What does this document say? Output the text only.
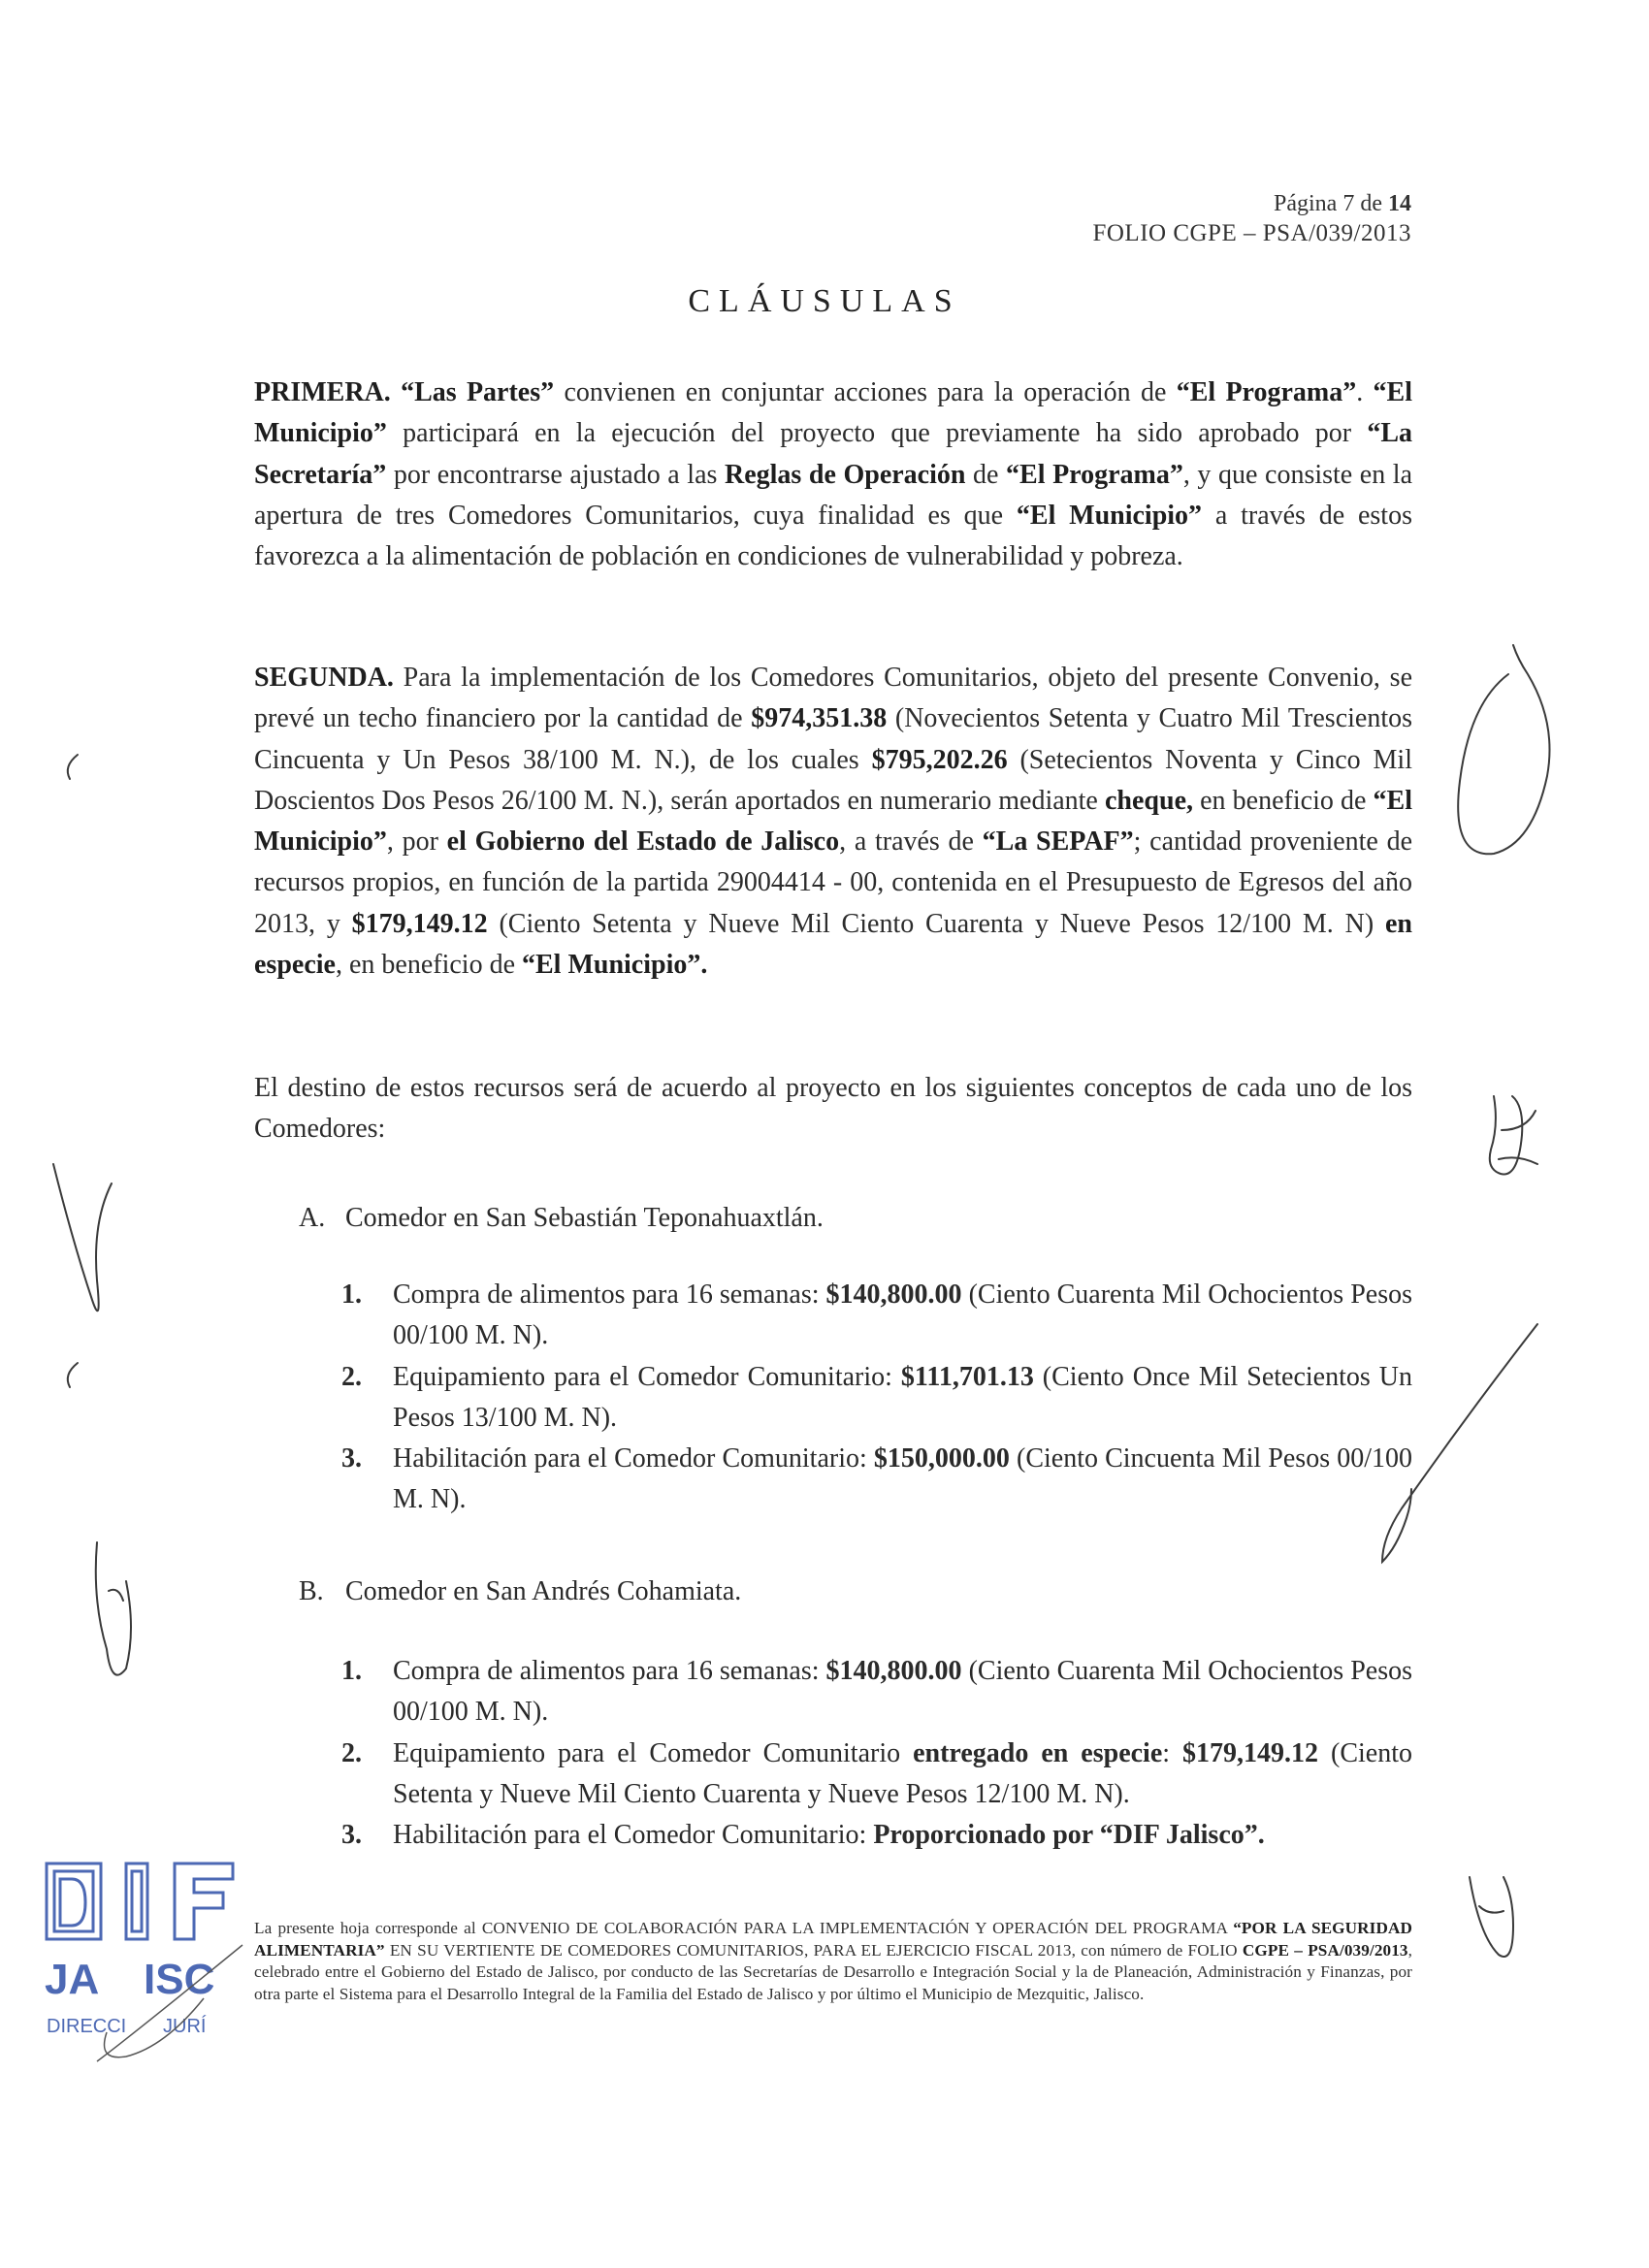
Página 7 de 14
FOLIO CGPE – PSA/039/2013
CLÁUSULAS
PRIMERA. “Las Partes” convienen en conjuntar acciones para la operación de “El Programa”. “El Municipio” participará en la ejecución del proyecto que previamente ha sido aprobado por “La Secretaría” por encontrarse ajustado a las Reglas de Operación de “El Programa”, y que consiste en la apertura de tres Comedores Comunitarios, cuya finalidad es que “El Municipio” a través de estos favorezca a la alimentación de población en condiciones de vulnerabilidad y pobreza.
SEGUNDA. Para la implementación de los Comedores Comunitarios, objeto del presente Convenio, se prevé un techo financiero por la cantidad de $974,351.38 (Novecientos Setenta y Cuatro Mil Trescientos Cincuenta y Un Pesos 38/100 M. N.), de los cuales $795,202.26 (Setecientos Noventa y Cinco Mil Doscientos Dos Pesos 26/100 M. N.), serán aportados en numerario mediante cheque, en beneficio de “El Municipio”, por el Gobierno del Estado de Jalisco, a través de “La SEPAF”; cantidad proveniente de recursos propios, en función de la partida 29004414 - 00, contenida en el Presupuesto de Egresos del año 2013, y $179,149.12 (Ciento Setenta y Nueve Mil Ciento Cuarenta y Nueve Pesos 12/100 M. N) en especie, en beneficio de “El Municipio”.
El destino de estos recursos será de acuerdo al proyecto en los siguientes conceptos de cada uno de los Comedores:
A. Comedor en San Sebastián Teponahuaxtlán.
1. Compra de alimentos para 16 semanas: $140,800.00 (Ciento Cuarenta Mil Ochocientos Pesos 00/100 M. N).
2. Equipamiento para el Comedor Comunitario: $111,701.13 (Ciento Once Mil Setecientos Un Pesos 13/100 M. N).
3. Habilitación para el Comedor Comunitario: $150,000.00 (Ciento Cincuenta Mil Pesos 00/100 M. N).
B. Comedor en San Andrés Cohamiata.
1. Compra de alimentos para 16 semanas: $140,800.00 (Ciento Cuarenta Mil Ochocientos Pesos 00/100 M. N).
2. Equipamiento para el Comedor Comunitario entregado en especie: $179,149.12 (Ciento Setenta y Nueve Mil Ciento Cuarenta y Nueve Pesos 12/100 M. N).
3. Habilitación para el Comedor Comunitario: Proporcionado por “DIF Jalisco”.
La presente hoja corresponde al CONVENIO DE COLABORACIÓN PARA LA IMPLEMENTACIÓN Y OPERACIÓN DEL PROGRAMA “POR LA SEGURIDAD ALIMENTARIA” EN SU VERTIENTE DE COMEDORES COMUNITARIOS, PARA EL EJERCICIO FISCAL 2013, con número de FOLIO CGPE – PSA/039/2013, celebrado entre el Gobierno del Estado de Jalisco, por conducto de las Secretarías de Desarrollo e Integración Social y la de Planeación, Administración y Finanzas, por otra parte el Sistema para el Desarrollo Integral de la Familia del Estado de Jalisco y por último el Municipio de Mezquitic, Jalisco.
JA ISC
DIRECCI JURÍ
